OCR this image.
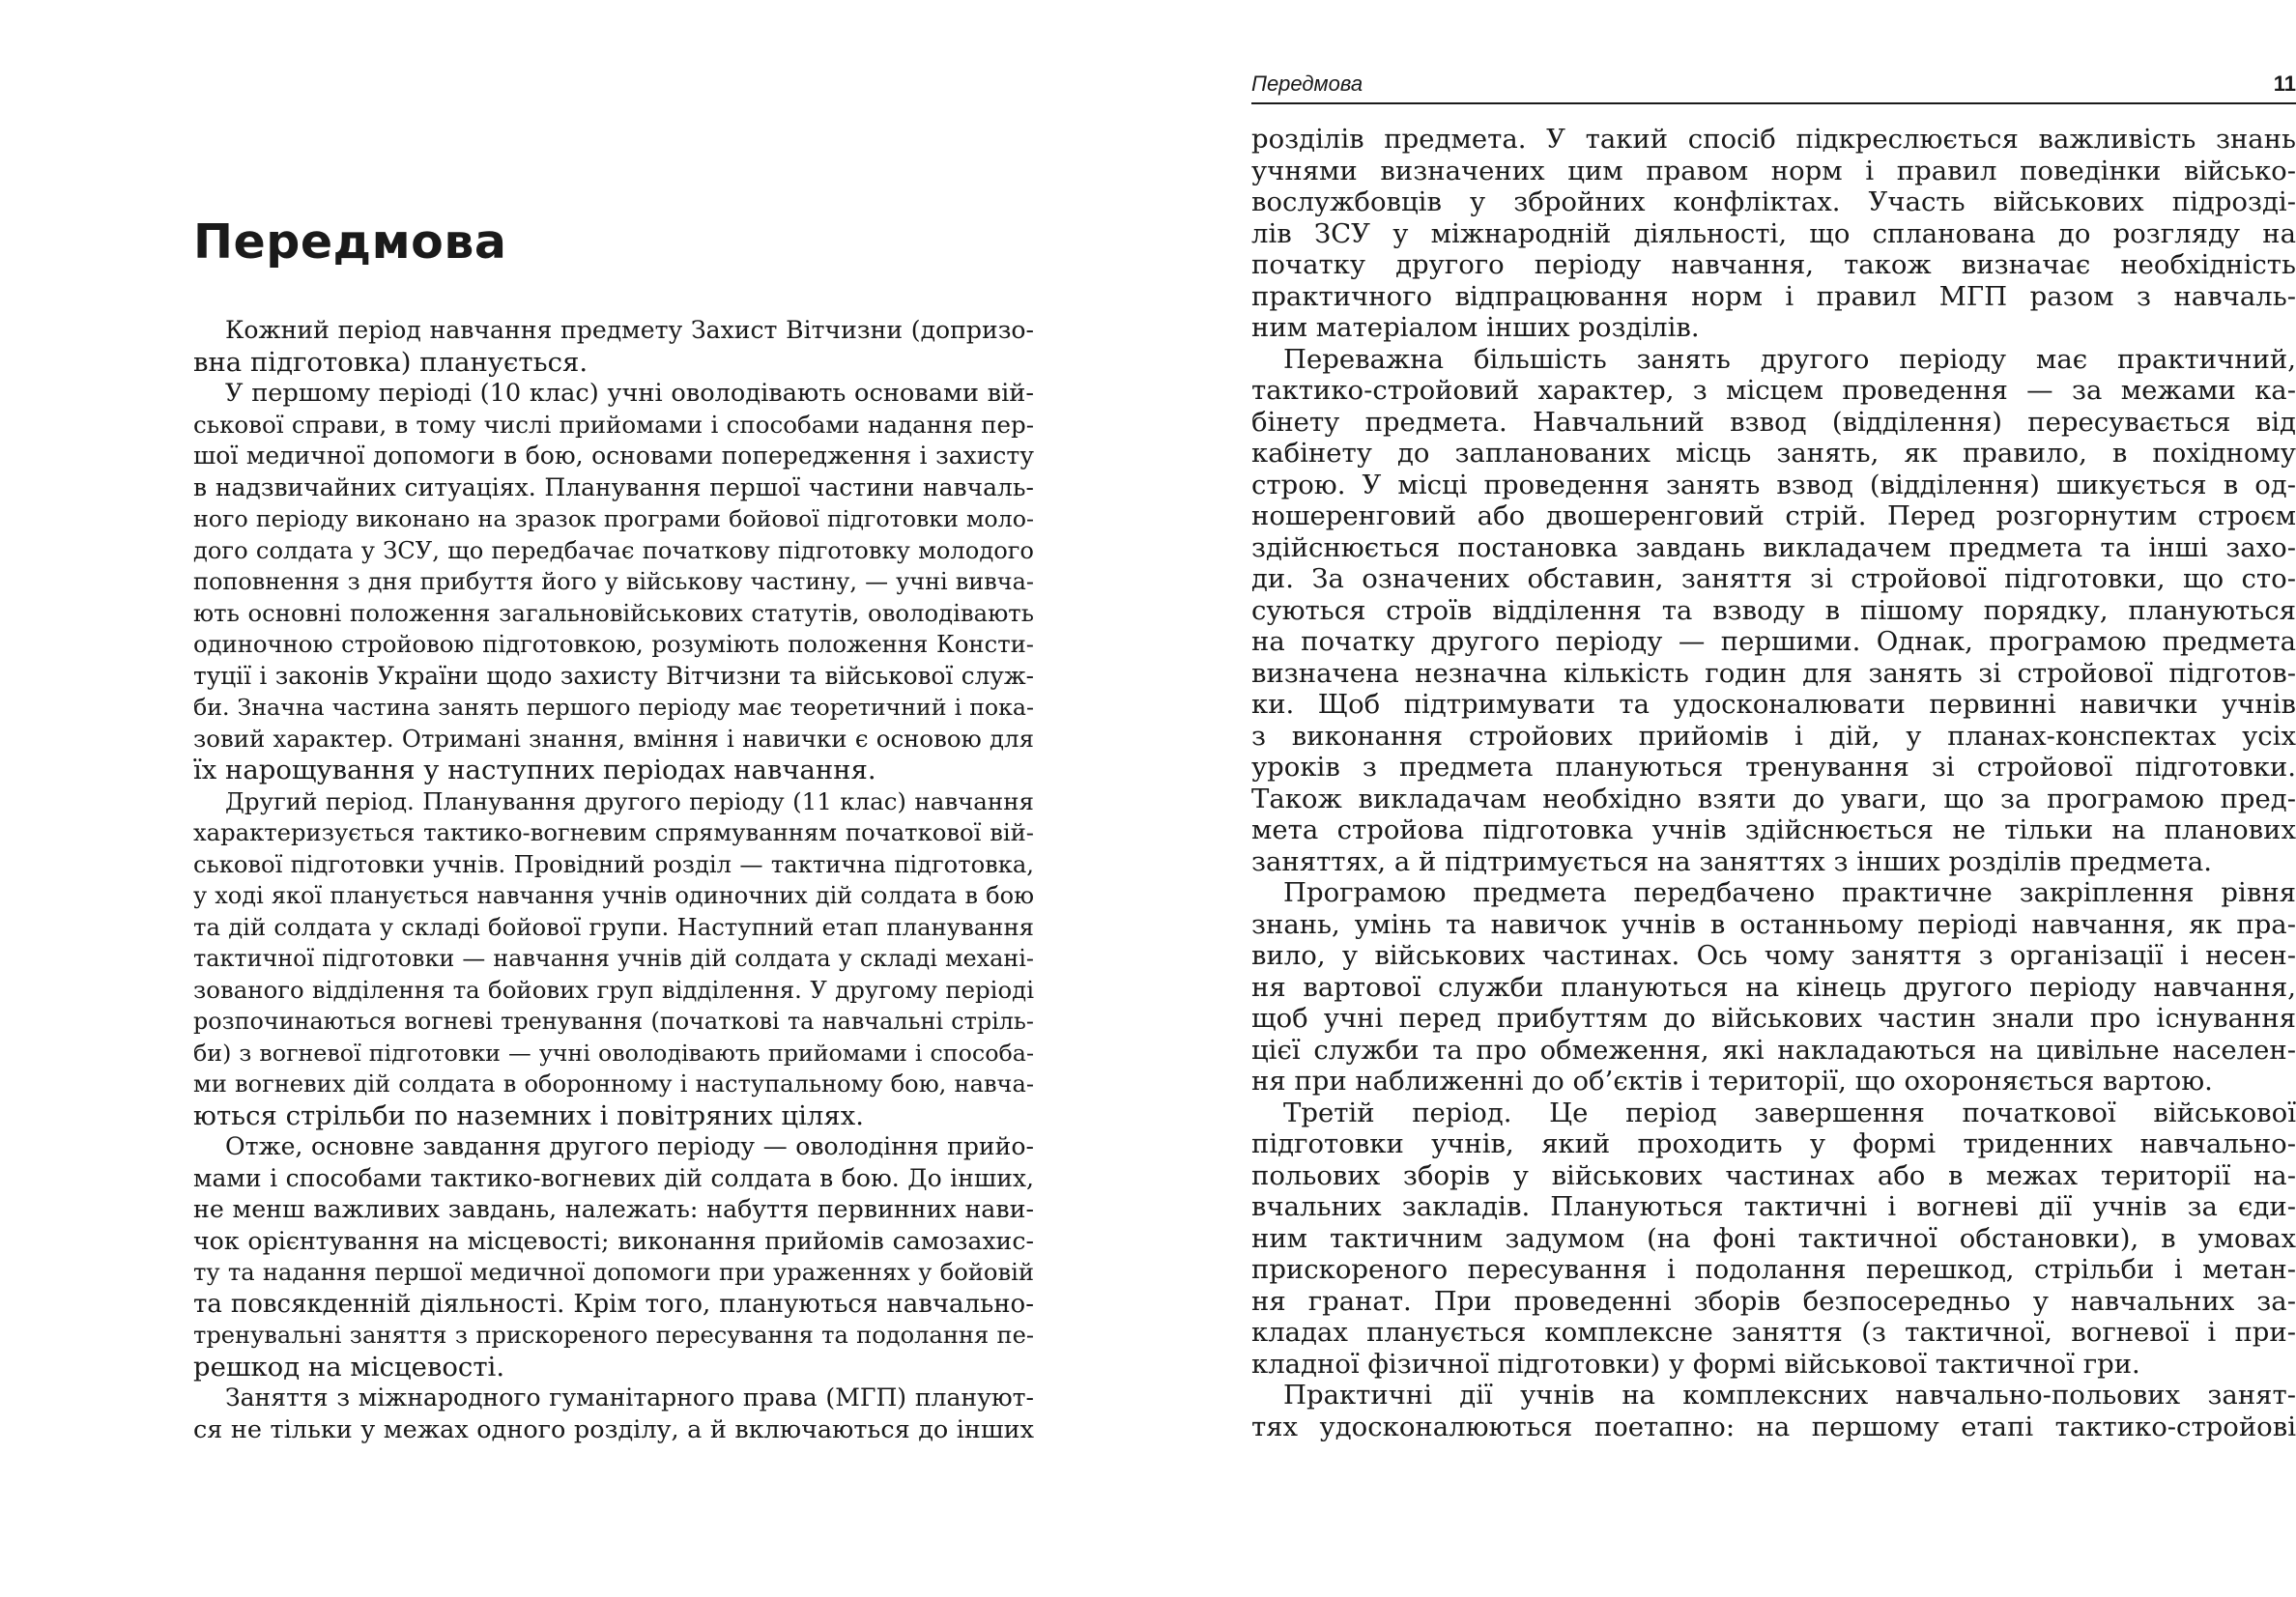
Передмова
Кожний період навчання предмету Захист Вітчизни (допризо-
вна підготовка) планується.
У першому періоді (10 клас) учні оволодівають основами вій-
ськової справи, в тому числі прийомами і способами надання пер-
шої медичної допомоги в бою, основами попередження і захисту
в надзвичайних ситуаціях. Планування першої частини навчаль-
ного періоду виконано на зразок програми бойової підготовки моло-
дого солдата у ЗСУ, що передбачає початкову підготовку молодого
поповнення з дня прибуття його у військову частину, — учні вивча-
ють основні положення загальновійськових статутів, оволодівають
одиночною стройовою підготовкою, розуміють положення Консти-
туції і законів України щодо захисту Вітчизни та військової служ-
би. Значна частина занять першого періоду має теоретичний і пока-
зовий характер. Отримані знання, вміння і навички є основою для
їх нарощування у наступних періодах навчання.
Другий період. Планування другого періоду (11 клас) навчання
характеризується тактико-вогневим спрямуванням початкової вій-
ськової підготовки учнів. Провідний розділ — тактична підготовка,
у ході якої планується навчання учнів одиночних дій солдата в бою
та дій солдата у складі бойової групи. Наступний етап планування
тактичної підготовки — навчання учнів дій солдата у складі механі-
зованого відділення та бойових груп відділення. У другому періоді
розпочинаються вогневі тренування (початкові та навчальні стріль-
би) з вогневої підготовки — учні оволодівають прийомами і способа-
ми вогневих дій солдата в оборонному і наступальному бою, навча-
ються стрільби по наземних і повітряних цілях.
Отже, основне завдання другого періоду — оволодіння прийо-
мами і способами тактико-вогневих дій солдата в бою. До інших,
не менш важливих завдань, належать: набуття первинних нави-
чок орієнтування на місцевості; виконання прийомів самозахис-
ту та надання першої медичної допомоги при ураженнях у бойовій
та повсякденній діяльності. Крім того, плануються навчально-
тренувальні заняття з прискореного пересування та подолання пе-
решкод на місцевості.
Заняття з міжнародного гуманітарного права (МГП) плануют-
ся не тільки у межах одного розділу, а й включаються до інших
Передмова	11
розділів предмета. У такий спосіб підкреслюється важливість знань
учнями визначених цим правом норм і правил поведінки військо-
вослужбовців у збройних конфліктах. Участь військових підрозді-
лів ЗСУ у міжнародній діяльності, що спланована до розгляду на
початку другого періоду навчання, також визначає необхідність
практичного відпрацювання норм і правил МГП разом з навчаль-
ним матеріалом інших розділів.
Переважна більшість занять другого періоду має практичний,
тактико-стройовий характер, з місцем проведення — за межами ка-
бінету предмета. Навчальний взвод (відділення) пересувається від
кабінету до запланованих місць занять, як правило, в похідному
строю. У місці проведення занять взвод (відділення) шикується в од-
ношеренговий або двошеренговий стрій. Перед розгорнутим строєм
здійснюється постановка завдань викладачем предмета та інші захо-
ди. За означених обставин, заняття зі стройової підготовки, що сто-
суються строїв відділення та взводу в пішому порядку, плануються
на початку другого періоду — першими. Однак, програмою предмета
визначена незначна кількість годин для занять зі стройової підготов-
ки. Щоб підтримувати та удосконалювати первинні навички учнів
з виконання стройових прийомів і дій, у планах-конспектах усіх
уроків з предмета плануються тренування зі стройової підготовки.
Також викладачам необхідно взяти до уваги, що за програмою пред-
мета стройова підготовка учнів здійснюється не тільки на планових
заняттях, а й підтримується на заняттях з інших розділів предмета.
Програмою предмета передбачено практичне закріплення рівня
знань, умінь та навичок учнів в останньому періоді навчання, як пра-
вило, у військових частинах. Ось чому заняття з організації і несен-
ня вартової служби плануються на кінець другого періоду навчання,
щоб учні перед прибуттям до військових частин знали про існування
цієї служби та про обмеження, які накладаються на цивільне населен-
ня при наближенні до об’єктів і території, що охороняється вартою.
Третій період. Це період завершення початкової військової
підготовки учнів, який проходить у формі триденних навчально-
польових зборів у військових частинах або в межах території на-
вчальних закладів. Плануються тактичні і вогневі дії учнів за єди-
ним тактичним задумом (на фоні тактичної обстановки), в умовах
прискореного пересування і подолання перешкод, стрільби і метан-
ня гранат. При проведенні зборів безпосередньо у навчальних за-
кладах планується комплексне заняття (з тактичної, вогневої і при-
кладної фізичної підготовки) у формі військової тактичної гри.
Практичні дії учнів на комплексних навчально-польових занят-
тях удосконалюються поетапно: на першому етапі тактико-стройові
